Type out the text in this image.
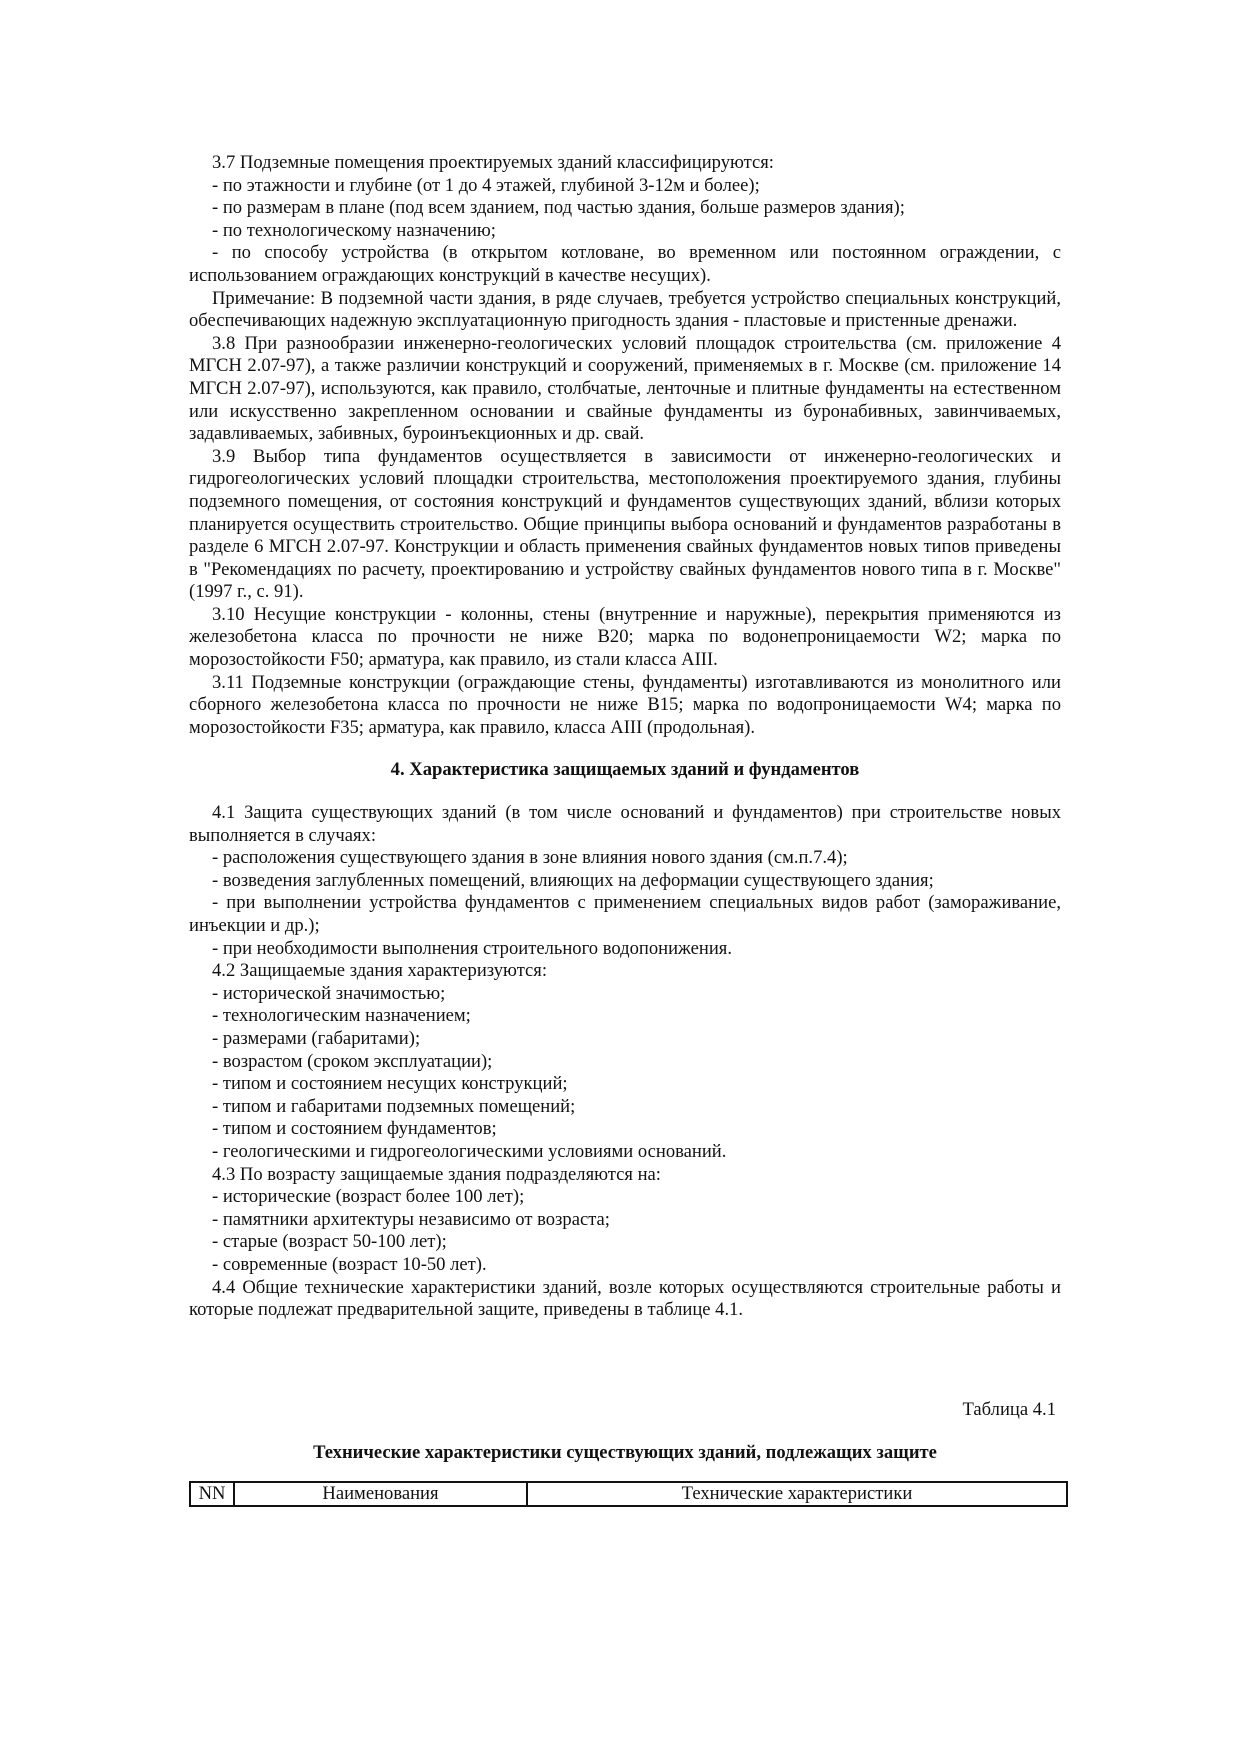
3.7 Подземные помещения проектируемых зданий классифицируются:

- по этажности и глубине (от 1 до 4 этажей, глубиной 3-12м и более);

- по размерам в плане (под всем зданием, под частью здания, больше размеров здания);

- по технологическому назначению;

- по способу устройства (в открытом котловане, во временном или постоянном ограждении, с использованием ограждающих конструкций в качестве несущих).

Примечание: В подземной части здания, в ряде случаев, требуется устройство специальных конструкций, обеспечивающих надежную эксплуатационную пригодность здания - пластовые и пристенные дренажи.

3.8 При разнообразии инженерно-геологических условий площадок строительства (см. приложение 4 МГСН 2.07-97), а также различии конструкций и сооружений, применяемых в г. Москве (см. приложение 14 МГСН 2.07-97), используются, как правило, столбчатые, ленточные и плитные фундаменты на естественном или искусственно закрепленном основании и свайные фундаменты из буронабивных, завинчиваемых, задавливаемых, забивных, буроинъекционных и др. свай.

3.9 Выбор типа фундаментов осуществляется в зависимости от инженерно-геологических и гидрогеологических условий площадки строительства, местоположения проектируемого здания, глубины подземного помещения, от состояния конструкций и фундаментов существующих зданий, вблизи которых планируется осуществить строительство. Общие принципы выбора оснований и фундаментов разработаны в разделе 6 МГСН 2.07-97. Конструкции и область применения свайных фундаментов новых типов приведены в "Рекомендациях по расчету, проектированию и устройству свайных фундаментов нового типа в г. Москве" (1997 г., с. 91).

3.10 Несущие конструкции - колонны, стены (внутренние и наружные), перекрытия применяются из железобетона класса по прочности не ниже В20; марка по водонепроницаемости W2; марка по морозостойкости F50; арматура, как правило, из стали класса AIII.

3.11 Подземные конструкции (ограждающие стены, фундаменты) изготавливаются из монолитного или сборного железобетона класса по прочности не ниже В15; марка по водопроницаемости W4; марка по морозостойкости F35; арматура, как правило, класса AIII (продольная).

4. Характеристика защищаемых зданий и фундаментов

4.1 Защита существующих зданий (в том числе оснований и фундаментов) при строительстве новых выполняется в случаях:

- расположения существующего здания в зоне влияния нового здания (см.п.7.4);

- возведения заглубленных помещений, влияющих на деформации существующего здания;

- при выполнении устройства фундаментов с применением специальных видов работ (замораживание, инъекции и др.);

- при необходимости выполнения строительного водопонижения.

4.2 Защищаемые здания характеризуются:

- исторической значимостью;

- технологическим назначением;

- размерами (габаритами);

- возрастом (сроком эксплуатации);

- типом и состоянием несущих конструкций;

- типом и габаритами подземных помещений;

- типом и состоянием фундаментов;

- геологическими и гидрогеологическими условиями оснований.

4.3 По возрасту защищаемые здания подразделяются на:

- исторические (возраст более 100 лет);

- памятники архитектуры независимо от возраста;

- старые (возраст 50-100 лет);

- современные (возраст 10-50 лет).

4.4 Общие технические характеристики зданий, возле которых осуществляются строительные работы и которые подлежат предварительной защите, приведены в таблице 4.1.

Таблица 4.1
Технические характеристики существующих зданий, подлежащих защите
NN	Наименования	Технические характеристики
